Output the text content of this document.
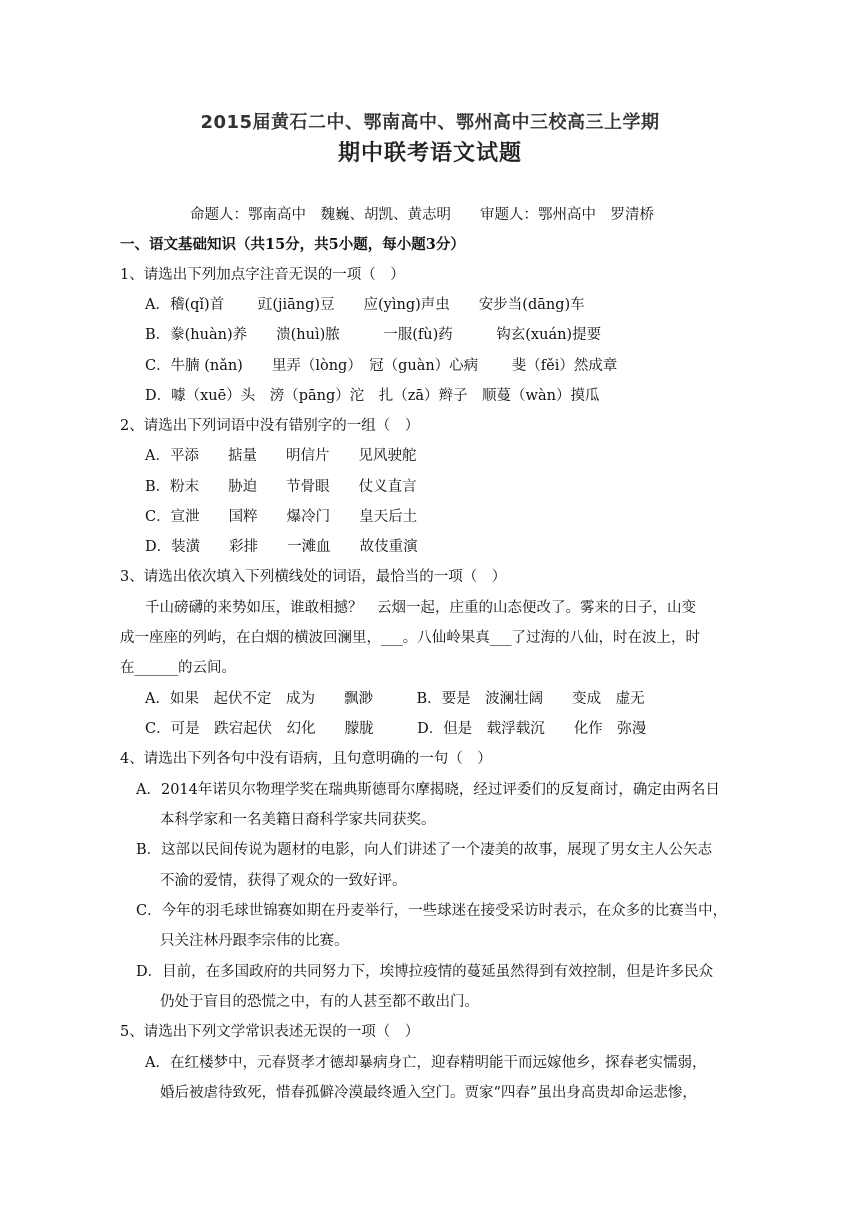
2015届黄石二中、鄂南高中、鄂州高中三校高三上学期
期中联考语文试题
命题人：鄂南高中　魏巍、胡凯、黄志明　　审题人：鄂州高中　罗清桥
一、语文基础知识（共15分，共5小题，每小题3分）
1、请选出下列加点字注音无误的一项（　）
A．稽(qǐ)首　　 豇(jiāng)豆　　应(yìng)声虫　　安步当(dāng)车
B．豢(huàn)养　　溃(huì)脓　　　一服(fù)药　　　钩玄(xuán)提要
C．牛腩 (nǎn)　　里弄（lòng）　冠（guàn）心病　　 斐（fěi）然成章
D．噱（xuē）头　滂（pāng）沱　扎（zā）辫子　顺蔓（wàn）摸瓜
2、请选出下列词语中没有错别字的一组（　）
A．平添　　掂量　　明信片　　见风驶舵
B．粉末　　胁迫　　节骨眼　　仗义直言
C．宣泄　　国粹　　爆冷门　　皇天后土
D．装潢　　彩排　　一滩血　　故伎重演
3、请选出依次填入下列横线处的词语，最恰当的一项（　）
千山磅礴的来势如压，谁敢相撼？　云烟一起，庄重的山态便改了。雾来的日子，山变
成一座座的列屿，在白烟的横波回澜里，___。八仙岭果真___了过海的八仙，时在波上，时
在______的云间。
A．如果　起伏不定　成为　　飘渺　　　B．要是　波澜壮阔　　变成　虚无
C．可是　跌宕起伏　幻化　　朦胧　　　D．但是　载浮载沉　　化作　弥漫
4、请选出下列各句中没有语病，且句意明确的一句（　）
A．2014年诺贝尔物理学奖在瑞典斯德哥尔摩揭晓，经过评委们的反复商讨，确定由两名日
本科学家和一名美籍日裔科学家共同获奖。
B．这部以民间传说为题材的电影，向人们讲述了一个凄美的故事，展现了男女主人公矢志
不渝的爱情，获得了观众的一致好评。
C．今年的羽毛球世锦赛如期在丹麦举行，一些球迷在接受采访时表示，在众多的比赛当中，
只关注林丹跟李宗伟的比赛。
D．目前，在多国政府的共同努力下，埃博拉疫情的蔓延虽然得到有效控制，但是许多民众
仍处于盲目的恐慌之中，有的人甚至都不敢出门。
5、请选出下列文学常识表述无误的一项（　）
A．在红楼梦中，元春贤孝才德却暴病身亡，迎春精明能干而远嫁他乡，探春老实懦弱，
婚后被虐待致死，惜春孤僻冷漠最终遁入空门。贾家“四春”虽出身高贵却命运悲惨，
